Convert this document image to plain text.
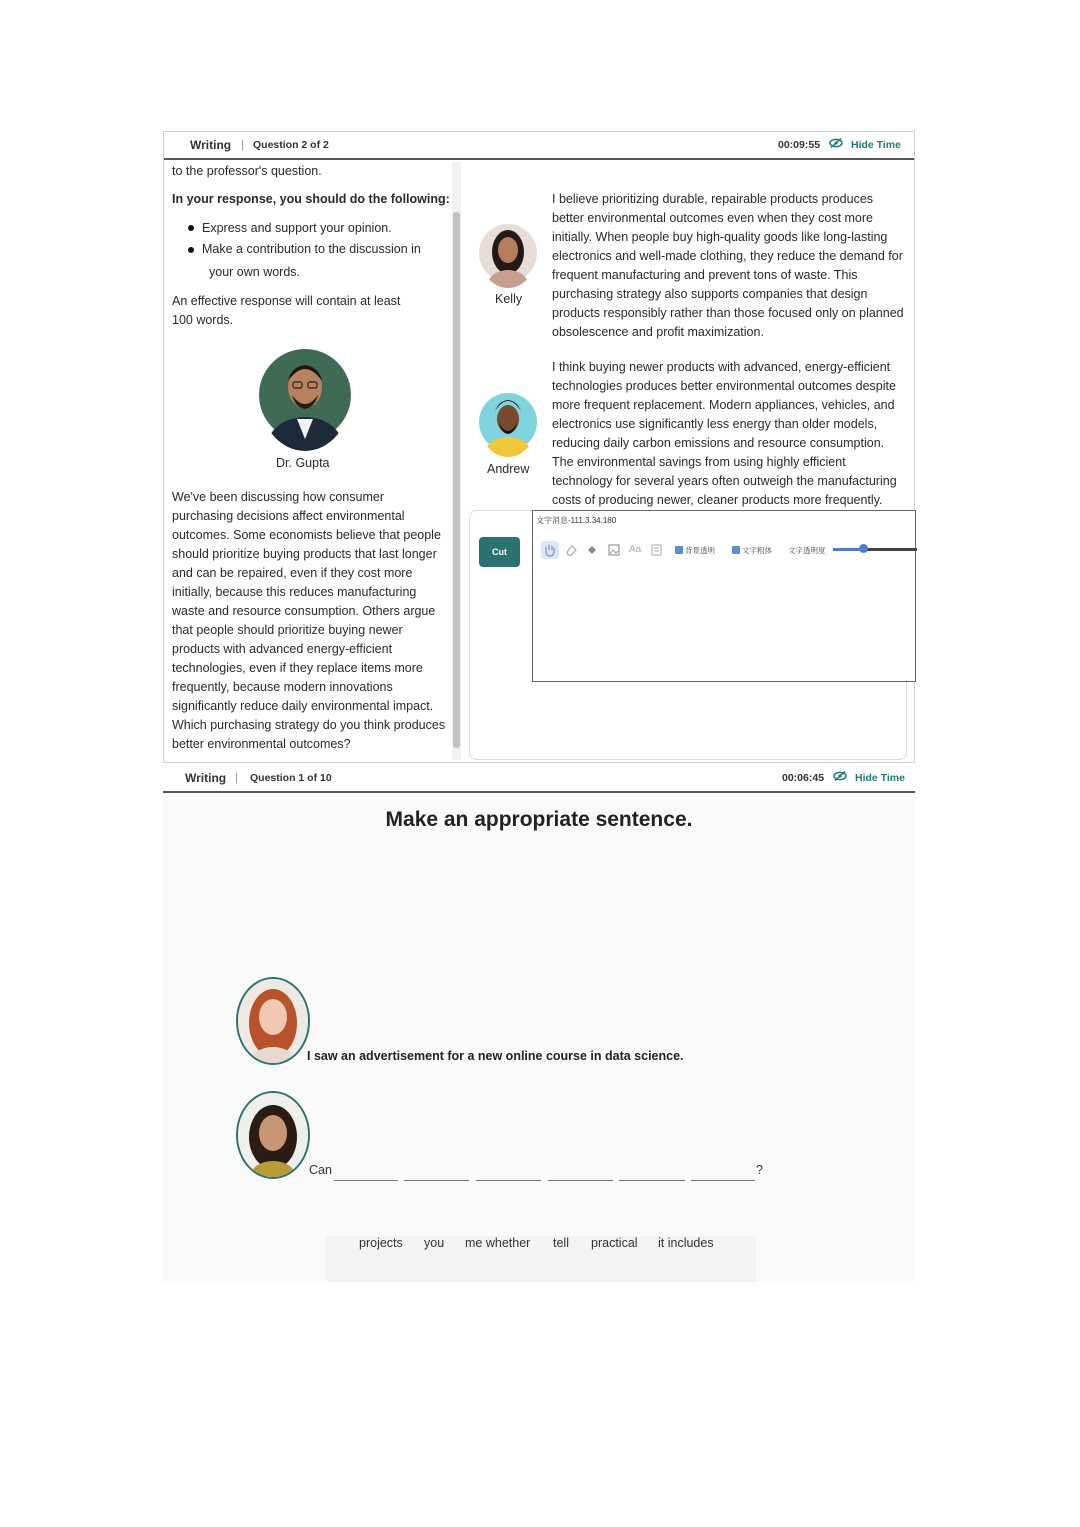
Writing | Question 2 of 2	00:09:55	Hide Time
to the professor's question.
In your response, you should do the following:
Express and support your opinion.
Make a contribution to the discussion in
your own words.
An effective response will contain at least
100 words.
Dr. Gupta
We've been discussing how consumer
purchasing decisions affect environmental
outcomes. Some economists believe that people
should prioritize buying products that last longer
and can be repaired, even if they cost more
initially, because this reduces manufacturing
waste and resource consumption. Others argue
that people should prioritize buying newer
products with advanced energy-efficient
technologies, even if they replace items more
frequently, because modern innovations
significantly reduce daily environmental impact.
Which purchasing strategy do you think produces
better environmental outcomes?
Kelly
I believe prioritizing durable, repairable products produces
better environmental outcomes even when they cost more
initially. When people buy high-quality goods like long-lasting
electronics and well-made clothing, they reduce the demand for
frequent manufacturing and prevent tons of waste. This
purchasing strategy also supports companies that design
products responsibly rather than those focused only on planned
obsolescence and profit maximization.
Andrew
I think buying newer products with advanced, energy-efficient
technologies produces better environmental outcomes despite
more frequent replacement. Modern appliances, vehicles, and
electronics use significantly less energy than older models,
reducing daily carbon emissions and resource consumption.
The environmental savings from using highly efficient
technology for several years often outweigh the manufacturing
costs of producing newer, cleaner products more frequently.
Cut
文字消息-111.3.34.180
Aa	背景透明	文字粗体 文字透明度
Writing | Question 1 of 10	00:06:45	Hide Time
Make an appropriate sentence.
I saw an advertisement for a new online course in data science.
Can	?
projects you me whether tell practical it includes
